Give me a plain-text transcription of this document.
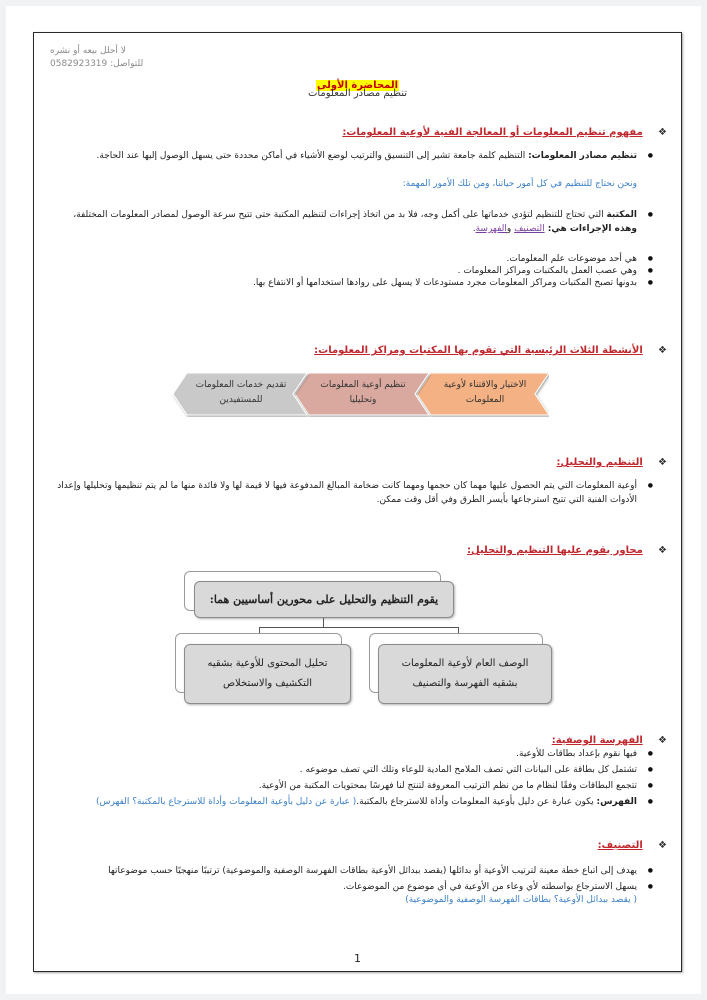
لا أحلل بيعه أو نشره
للتواصل: 0582923319
المحاضرة الأولى
تنظيم مصادر المعلومات
❖   مفهوم تنظيم المعلومات أو المعالجة الفنية لأوعية المعلومات:
● تنظيم مصادر المعلومات: التنظيم كلمة جامعة تشير إلى التنسيق والترتيب لوضع الأشياء في أماكن محددة حتى يسهل الوصول إليها عند الحاجة.
ونحن نحتاج للتنظيم في كل أمور حياتنا، ومن تلك الأمور المهمة:
● المكتبة التي تحتاج للتنظيم لتؤدي خدماتها على أكمل وجه، فلا بد من اتخاذ إجراءات لتنظيم المكتبة حتى تتيح سرعة الوصول لمصادر المعلومات المختلفة، وهذه الإجراءات هي: التصنيف والفهرسة.
● هي أحد موضوعات علم المعلومات.
● وهي عصب العمل بالمكتبات ومراكز المعلومات .
● بدونها تصبح المكتبات ومراكز المعلومات مجرد مستودعات لا يسهل على روادها استخدامها أو الانتفاع بها.
❖   الأنشطة الثلاث الرئيسية التي تقوم بها المكتبات ومراكز المعلومات:
الاختيار والاقتناء لأوعية المعلومات
تنظيم أوعية المعلومات وتحليليا
تقديم خدمات المعلومات للمستفيدين
❖   التنظيم والتحليل:
● أوعية المعلومات التي يتم الحصول عليها مهما كان حجمها ومهما كانت ضخامة المبالغ المدفوعة فيها لا قيمة لها ولا فائدة منها ما لم يتم تنظيمها وتحليلها وإعداد الأدوات الفنية التي تتيح استرجاعها بأيسر الطرق وفي أقل وقت ممكن.
❖   محاور يقوم عليها التنظيم والتحليل:
يقوم التنظيم والتحليل على محورين أساسيين هما:
الوصف العام لأوعية المعلومات بشقيه الفهرسة والتصنيف
تحليل المحتوى للأوعية بشقيه التكشيف والاستخلاص
❖   الفهرسة الوصفية:
● فيها نقوم بإعداد بطاقات للأوعية.
● تشتمل كل بطاقة على البيانات التي تصف الملامح المادية للوعاء وتلك التي تصف موضوعه .
● تتجمع البطاقات وفقًا لنظام ما من نظم الترتيب المعروفة لتنتج لنا فهرسًا بمحتويات المكتبة من الأوعية.
● الفهرس: يكون عبارة عن دليل بأوعية المعلومات وأداة للاسترجاع بالمكتبة.( عبارة عن دليل بأوعية المعلومات وأداة للاسترجاع بالمكتبة؟ الفهرس)
❖   التصنيف:
● يهدف إلى اتباع خطة معينة لترتيب الأوعية أو بدائلها (يقصد ببدائل الأوعية بطاقات الفهرسة الوصفية والموضوعية) ترتيبًا منهجيًا حسب موضوعاتها
● يسهل الاسترجاع بواسطته لأي وعاء من الأوعية في أي موضوع من الموضوعات.
( يقصد ببدائل الأوعية؟ بطاقات الفهرسة الوصفية والموضوعية)
1
